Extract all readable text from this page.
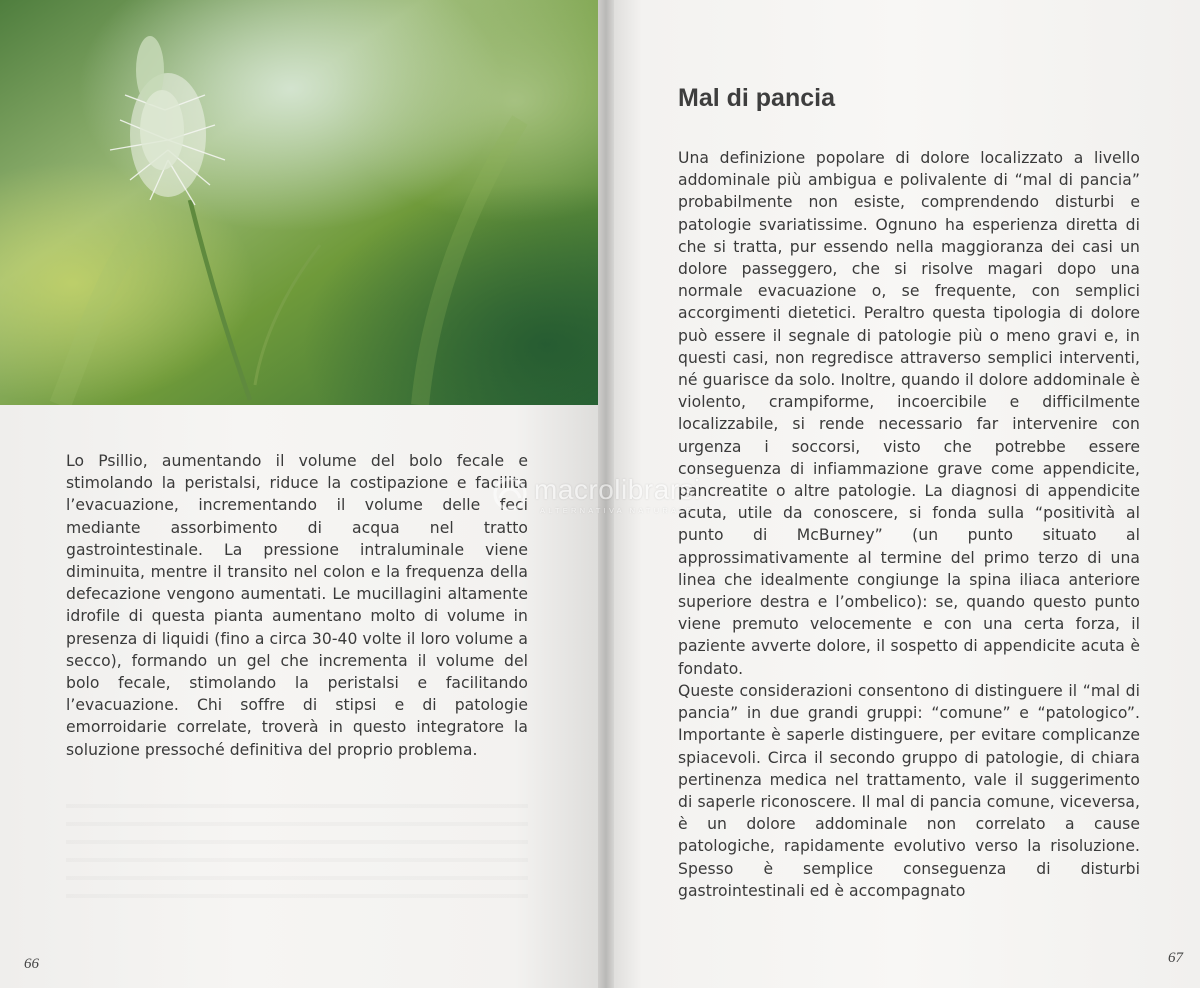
Lo Psillio, aumentando il volume del bolo fecale e stimolando la peristalsi, riduce la costipazione e facilita l’evacuazione, incrementando il volume delle feci mediante assorbimento di acqua nel tratto gastrointestinale. La pressione intraluminale viene diminuita, mentre il transito nel colon e la frequenza della defecazione vengono aumentati. Le mucillagini altamente idrofile di questa pianta aumentano molto di volume in presenza di liquidi (fino a circa 30-40 volte il loro volume a secco), formando un gel che incrementa il volume del bolo fecale, stimolando la peristalsi e facilitando l’evacuazione. Chi soffre di stipsi e di patologie emorroidarie correlate, troverà in questo integratore la soluzione pressoché definitiva del proprio problema.
66
Mal di pancia
Una definizione popolare di dolore localizzato a livello addominale più ambigua e polivalente di “mal di pancia” probabilmente non esiste, comprendendo disturbi e patologie svariatissime. Ognuno ha esperienza diretta di che si tratta, pur essendo nella maggioranza dei casi un dolore passeggero, che si risolve magari dopo una normale evacuazione o, se frequente, con semplici accorgimenti dietetici. Peraltro questa tipologia di dolore può essere il segnale di patologie più o meno gravi e, in questi casi, non regredisce attraverso semplici interventi, né guarisce da solo. Inoltre, quando il dolore addominale è violento, crampiforme, incoercibile e difficilmente localizzabile, si rende necessario far intervenire con urgenza i soccorsi, visto che potrebbe essere conseguenza di infiammazione grave come appendicite, pancreatite o altre patologie. La diagnosi di appendicite acuta, utile da conoscere, si fonda sulla “positività al punto di McBurney” (un punto situato al approssimativamente al termine del primo terzo di una linea che idealmente congiunge la spina iliaca anteriore superiore destra e l’ombelico): se, quando questo punto viene premuto velocemente e con una certa forza, il paziente avverte dolore, il sospetto di appendicite acuta è fondato.
Queste considerazioni consentono di distinguere il “mal di pancia” in due grandi gruppi: “comune” e “patologico”. Importante è saperle distinguere, per evitare complicanze spiacevoli. Circa il secondo gruppo di patologie, di chiara pertinenza medica nel trattamento, vale il suggerimento di saperle riconoscere. Il mal di pancia comune, viceversa, è un dolore addominale non correlato a cause patologiche, rapidamente evolutivo verso la risoluzione. Spesso è semplice conseguenza di disturbi gastrointestinali ed è accompagnato
67
macrolibrarsi
ALTERNATIVA NATURALE
